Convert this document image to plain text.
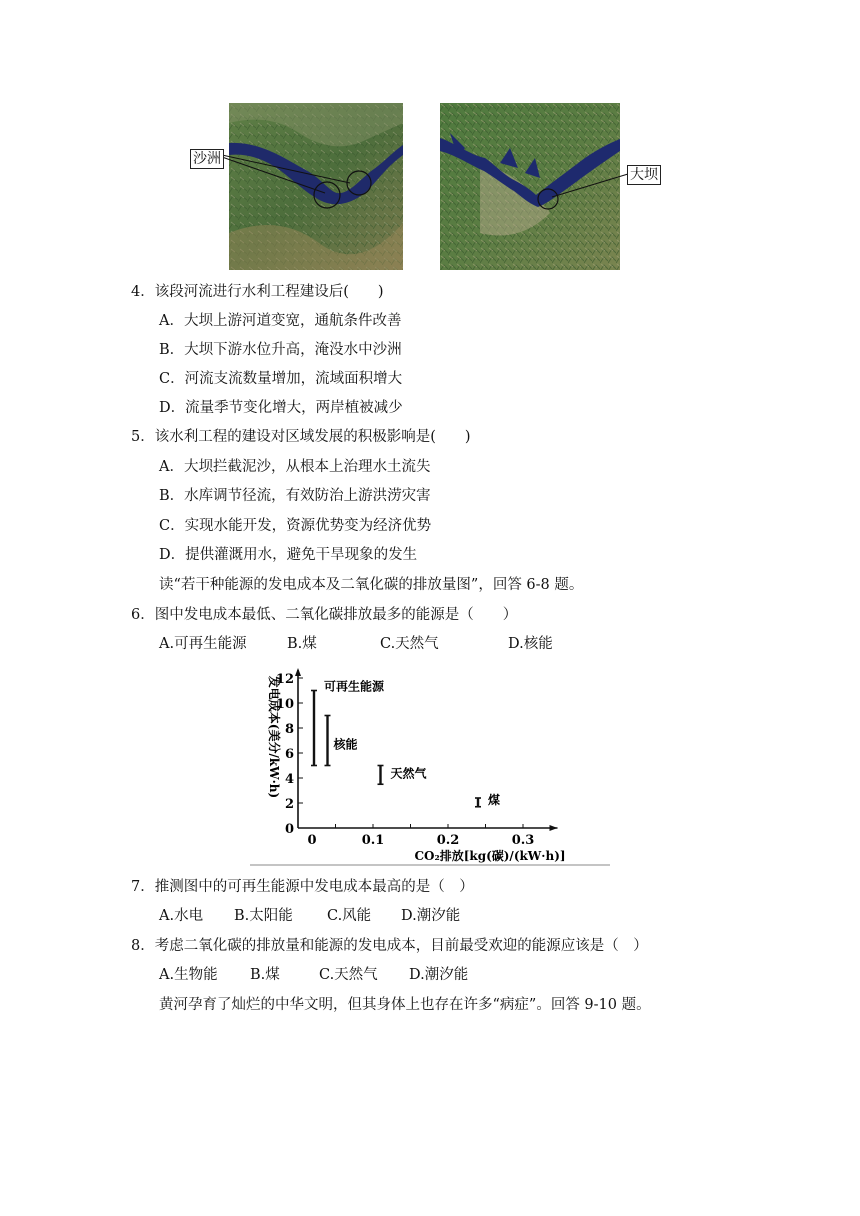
沙洲
大坝
4．该段河流进行水利工程建设后(　　)
A．大坝上游河道变宽，通航条件改善
B．大坝下游水位升高，淹没水中沙洲
C．河流支流数量增加，流域面积增大
D．流量季节变化增大，两岸植被减少
5．该水利工程的建设对区域发展的积极影响是(　　)
A．大坝拦截泥沙，从根本上治理水土流失
B．水库调节径流，有效防治上游洪涝灾害
C．实现水能开发，资源优势变为经济优势
D．提供灌溉用水，避免干旱现象的发生
读“若干种能源的发电成本及二氧化碳的排放量图”，回答 6-8 题。
6．图中发电成本最低、二氧化碳排放最多的能源是（　　）
A.可再生能源	B.煤	C.天然气	D.核能
0
2
4
6
8
10
12
0	0.1	0.2	0.3
可再生能源
核能
天然气
煤
发电成本(美分/kW·h)
CO₂排放[kg(碳)/(kW·h)]
7．推测图中的可再生能源中发电成本最高的是（　）
A.水电 B.太阳能 C.风能 D.潮汐能
8．考虑二氧化碳的排放量和能源的发电成本，目前最受欢迎的能源应该是（　）
A.生物能 B.煤	C.天然气 D.潮汐能
黄河孕育了灿烂的中华文明，但其身体上也存在许多“病症”。回答 9-10 题。
